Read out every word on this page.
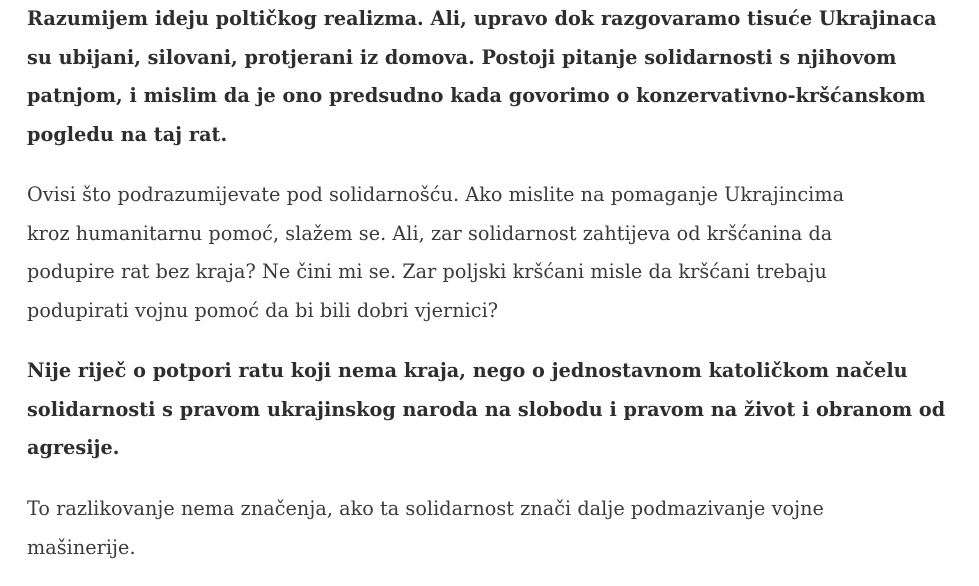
Razumijem ideju poltičkog realizma. Ali, upravo dok razgovaramo tisuće Ukrajinaca
su ubijani, silovani, protjerani iz domova. Postoji pitanje solidarnosti s njihovom
patnjom, i mislim da je ono predsudno kada govorimo o konzervativno-kršćanskom
pogledu na taj rat.

Ovisi što podrazumijevate pod solidarnošću. Ako mislite na pomaganje Ukrajincima
kroz humanitarnu pomoć, slažem se. Ali, zar solidarnost zahtijeva od kršćanina da
podupire rat bez kraja? Ne čini mi se. Zar poljski kršćani misle da kršćani trebaju
podupirati vojnu pomoć da bi bili dobri vjernici?

Nije riječ o potpori ratu koji nema kraja, nego o jednostavnom katoličkom načelu
solidarnosti s pravom ukrajinskog naroda na slobodu i pravom na život i obranom od
agresije.

To razlikovanje nema značenja, ako ta solidarnost znači dalje podmazivanje vojne
mašinerije.
